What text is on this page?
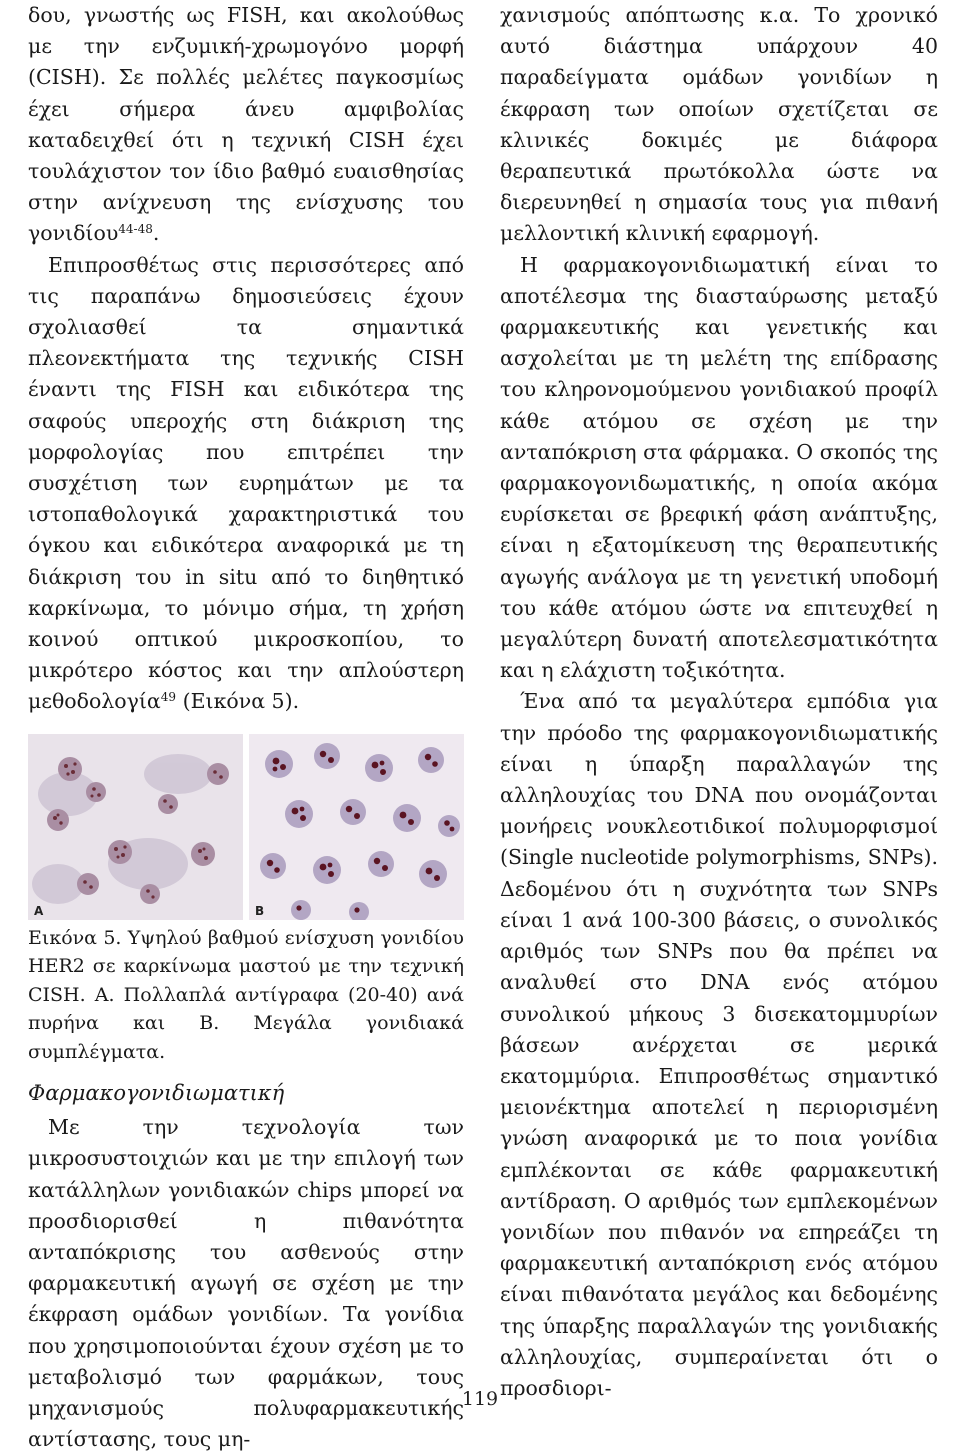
δου, γνωστής ως FISH, και ακολούθως με την ενζυμική-χρωμογόνο μορφή (CISH). Σε πολλές μελέτες παγκοσμίως έχει σήμερα άνευ αμφιβολίας καταδειχθεί ότι η τεχνική CISH έχει τουλάχιστον τον ίδιο βαθμό ευαισθησίας στην ανίχνευση της ενίσχυσης του γονιδίου$^{44-48}$.

Επιπροσθέτως στις περισσότερες από τις παραπάνω δημοσιεύσεις έχουν σχολιασθεί τα σημαντικά πλεονεκτήματα της τεχνικής CISH έναντι της FISH και ειδικότερα της σαφούς υπεροχής στη διάκριση της μορφολογίας που επιτρέπει την συσχέτιση των ευρημάτων με τα ιστοπαθολογικά χαρακτηριστικά του όγκου και ειδικότερα αναφορικά με τη διάκριση του in situ από το διηθητικό καρκίνωμα, το μόνιμο σήμα, τη χρήση κοινού οπτικού μικροσκοπίου, το μικρότερο κόστος και την απλούστερη μεθοδολογία$^{49}$ (Εικόνα 5).

A	B

Εικόνα 5. Υψηλού βαθμού ενίσχυση γονιδίου HER2 σε καρκίνωμα μαστού με την τεχνική CISH. Α. Πολλαπλά αντίγραφα (20-40) ανά πυρήνα και Β. Μεγάλα γονιδιακά συμπλέγματα.

Φαρμακογονιδιωματική

Με την τεχνολογία των μικροσυστοιχιών και με την επιλογή των κατάλληλων γονιδιακών chips μπορεί να προσδιορισθεί η πιθανότητα ανταπόκρισης του ασθενούς στην φαρμακευτική αγωγή σε σχέση με την έκφραση ομάδων γονιδίων. Τα γονίδια που χρησιμοποιούνται έχουν σχέση με το μεταβολισμό των φαρμάκων, τους μηχανισμούς πολυφαρμακευτικής αντίστασης, τους μη-

χανισμούς απόπτωσης κ.α. Το χρονικό αυτό διάστημα υπάρχουν 40 παραδείγματα ομάδων γονιδίων η έκφραση των οποίων σχετίζεται σε κλινικές δοκιμές με διάφορα θεραπευτικά πρωτόκολλα ώστε να διερευνηθεί η σημασία τους για πιθανή μελλοντική κλινική εφαρμογή.

Η φαρμακογονιδιωματική είναι το αποτέλεσμα της διασταύρωσης μεταξύ φαρμακευτικής και γενετικής και ασχολείται με τη μελέτη της επίδρασης του κληρονομούμενου γονιδιακού προφίλ κάθε ατόμου σε σχέση με την ανταπόκριση στα φάρμακα. Ο σκοπός της φαρμακογονιδωματικής, η οποία ακόμα ευρίσκεται σε βρεφική φάση ανάπτυξης, είναι η εξατομίκευση της θεραπευτικής αγωγής ανάλογα με τη γενετική υποδομή του κάθε ατόμου ώστε να επιτευχθεί η μεγαλύτερη δυνατή αποτελεσματικότητα και η ελάχιστη τοξικότητα.

Ένα από τα μεγαλύτερα εμπόδια για την πρόοδο της φαρμακογονιδιωματικής είναι η ύπαρξη παραλλαγών της αλληλουχίας του DNA που ονομάζονται μονήρεις νουκλεοτιδικοί πολυμορφισμοί (Single nucleotide polymorphisms, SNPs). Δεδομένου ότι η συχνότητα των SNPs είναι 1 ανά 100-300 βάσεις, ο συνολικός αριθμός των SNPs που θα πρέπει να αναλυθεί στο DNA ενός ατόμου συνολικού μήκους 3 δισεκατομμυρίων βάσεων ανέρχεται σε μερικά εκατομμύρια. Επιπροσθέτως σημαντικό μειονέκτημα αποτελεί η περιορισμένη γνώση αναφορικά με το ποια γονίδια εμπλέκονται σε κάθε φαρμακευτική αντίδραση. Ο αριθμός των εμπλεκομένων γονιδίων που πιθανόν να επηρεάζει τη φαρμακευτική ανταπόκριση ενός ατόμου είναι πιθανότατα μεγάλος και δεδομένης της ύπαρξης παραλλαγών της γονιδιακής αλληλουχίας, συμπεραίνεται ότι ο προσδιορι-

119
